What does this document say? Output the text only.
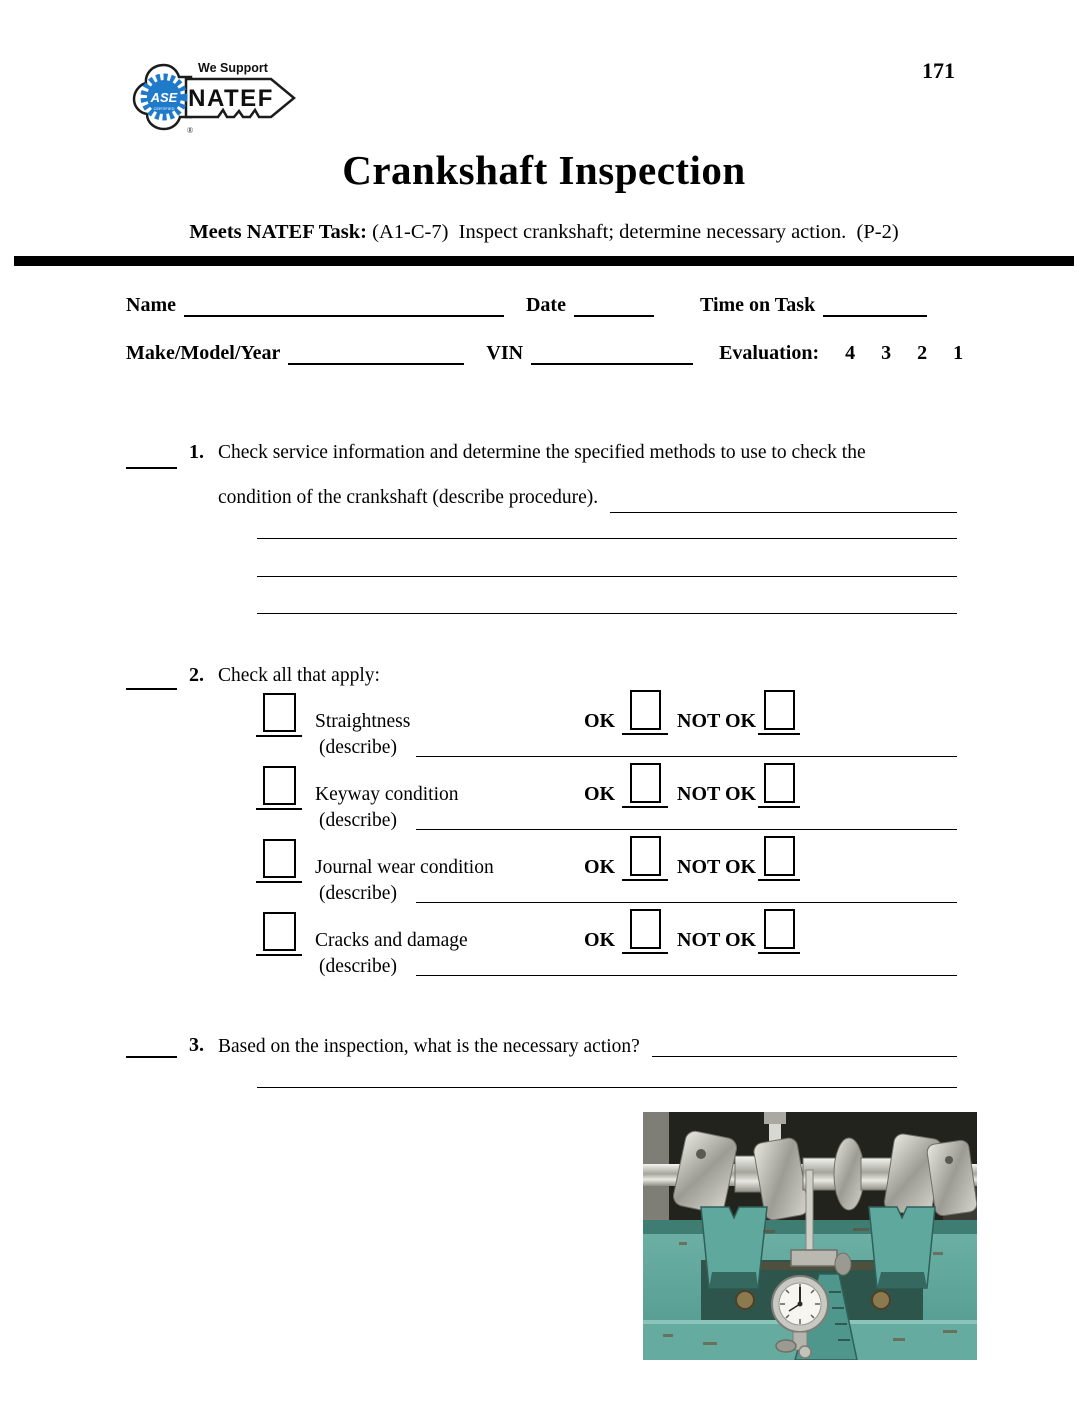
171
ASE
CERTIFIED
®
We Support
NATEF
Crankshaft Inspection
Meets NATEF Task: (A1-C-7)  Inspect crankshaft; determine necessary action.  (P-2)
Name	Date	Time on Task
Make/Model/Year	VIN	Evaluation: 4 3 2 1
1. Check service information and determine the specified methods to use to check the
condition of the crankshaft (describe procedure).
2. Check all that apply:
Straightness	OK	NOT OK
(describe)
Keyway condition	OK	NOT OK
(describe)
Journal wear condition	OK	NOT OK
(describe)
Cracks and damage	OK	NOT OK
(describe)
3. Based on the inspection, what is the necessary action?
